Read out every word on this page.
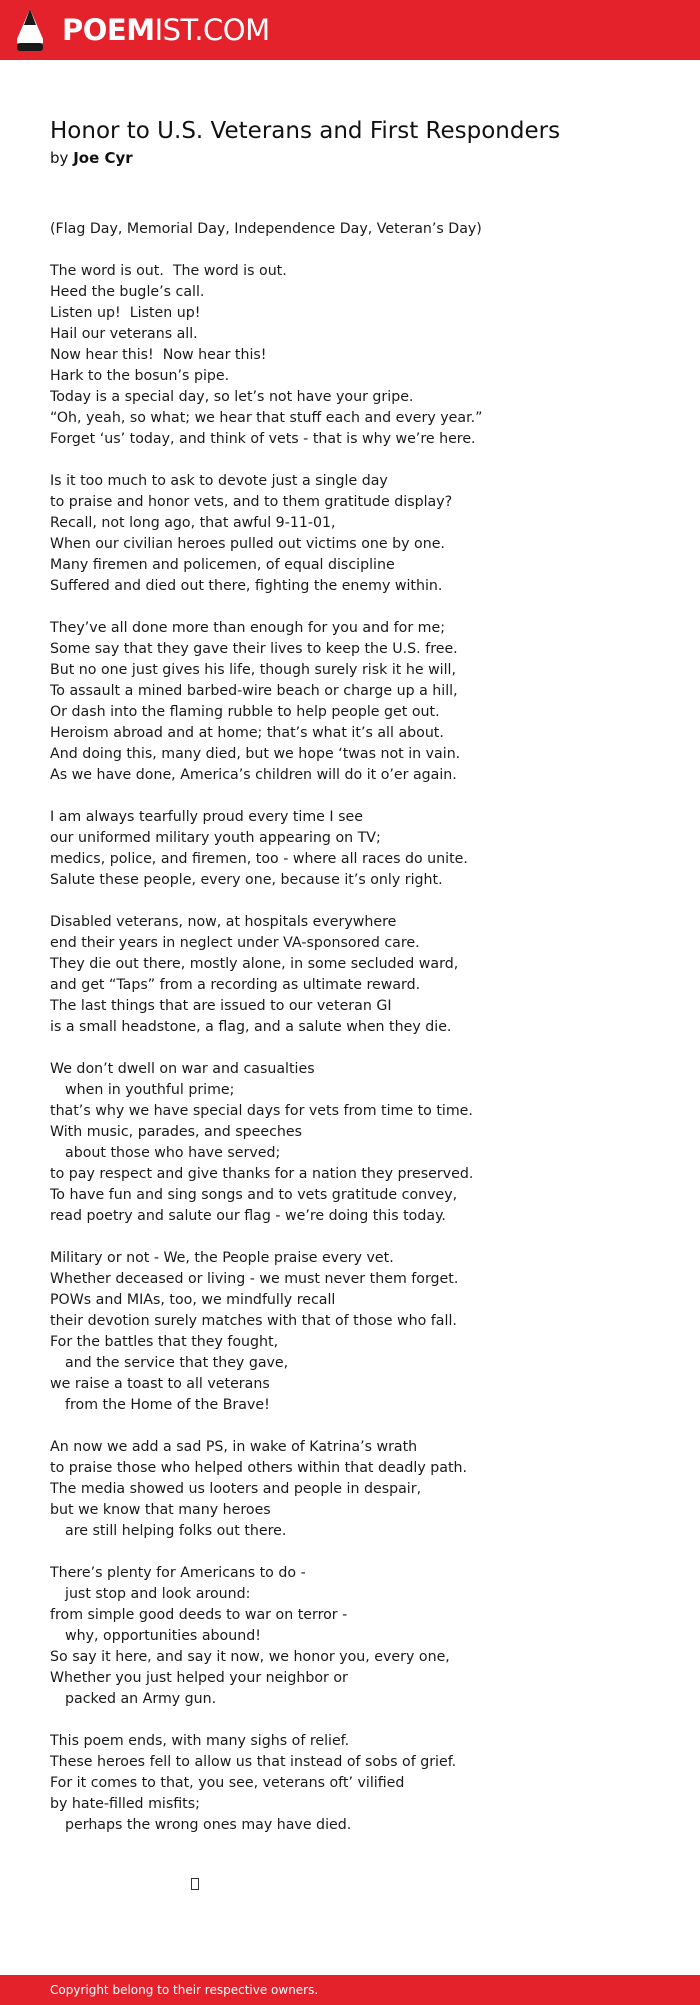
POEMIST.COM

Honor to U.S. Veterans and First Responders

by Joe Cyr

(Flag Day, Memorial Day, Independence Day, Veteran’s Day)
The word is out.  The word is out.
Heed the bugle’s call.
Listen up!  Listen up!
Hail our veterans all.
Now hear this!  Now hear this!
Hark to the bosun’s pipe.
Today is a special day, so let’s not have your gripe.
“Oh, yeah, so what; we hear that stuff each and every year.”
Forget ‘us’ today, and think of vets - that is why we’re here.
Is it too much to ask to devote just a single day
to praise and honor vets, and to them gratitude display?
Recall, not long ago, that awful 9-11-01,
When our civilian heroes pulled out victims one by one.
Many firemen and policemen, of equal discipline
Suffered and died out there, fighting the enemy within.
They’ve all done more than enough for you and for me;
Some say that they gave their lives to keep the U.S. free.
But no one just gives his life, though surely risk it he will,
To assault a mined barbed-wire beach or charge up a hill,
Or dash into the flaming rubble to help people get out.
Heroism abroad and at home; that’s what it’s all about.
And doing this, many died, but we hope ‘twas not in vain.
As we have done, America’s children will do it o’er again.
I am always tearfully proud every time I see
our uniformed military youth appearing on TV;
medics, police, and firemen, too - where all races do unite.
Salute these people, every one, because it’s only right.
Disabled veterans, now, at hospitals everywhere
end their years in neglect under VA-sponsored care.
They die out there, mostly alone, in some secluded ward,
and get “Taps” from a recording as ultimate reward.
The last things that are issued to our veteran GI
is a small headstone, a flag, and a salute when they die.
We don’t dwell on war and casualties
when in youthful prime;
that’s why we have special days for vets from time to time.
With music, parades, and speeches
about those who have served;
to pay respect and give thanks for a nation they preserved.
To have fun and sing songs and to vets gratitude convey,
read poetry and salute our flag - we’re doing this today.
Military or not - We, the People praise every vet.
Whether deceased or living - we must never them forget.
POWs and MIAs, too, we mindfully recall
their devotion surely matches with that of those who fall.
For the battles that they fought,
and the service that they gave,
we raise a toast to all veterans
from the Home of the Brave!
An now we add a sad PS, in wake of Katrina’s wrath
to praise those who helped others within that deadly path.
The media showed us looters and people in despair,
but we know that many heroes
are still helping folks out there.
There’s plenty for Americans to do -
just stop and look around:
from simple good deeds to war on terror -
why, opportunities abound!
So say it here, and say it now, we honor you, every one,
Whether you just helped your neighbor or
packed an Army gun.
This poem ends, with many sighs of relief.
These heroes fell to allow us that instead of sobs of grief.
For it comes to that, you see, veterans oft’ vilified
by hate-filled misfits;
perhaps the wrong ones may have died.

Copyright belong to their respective owners.
